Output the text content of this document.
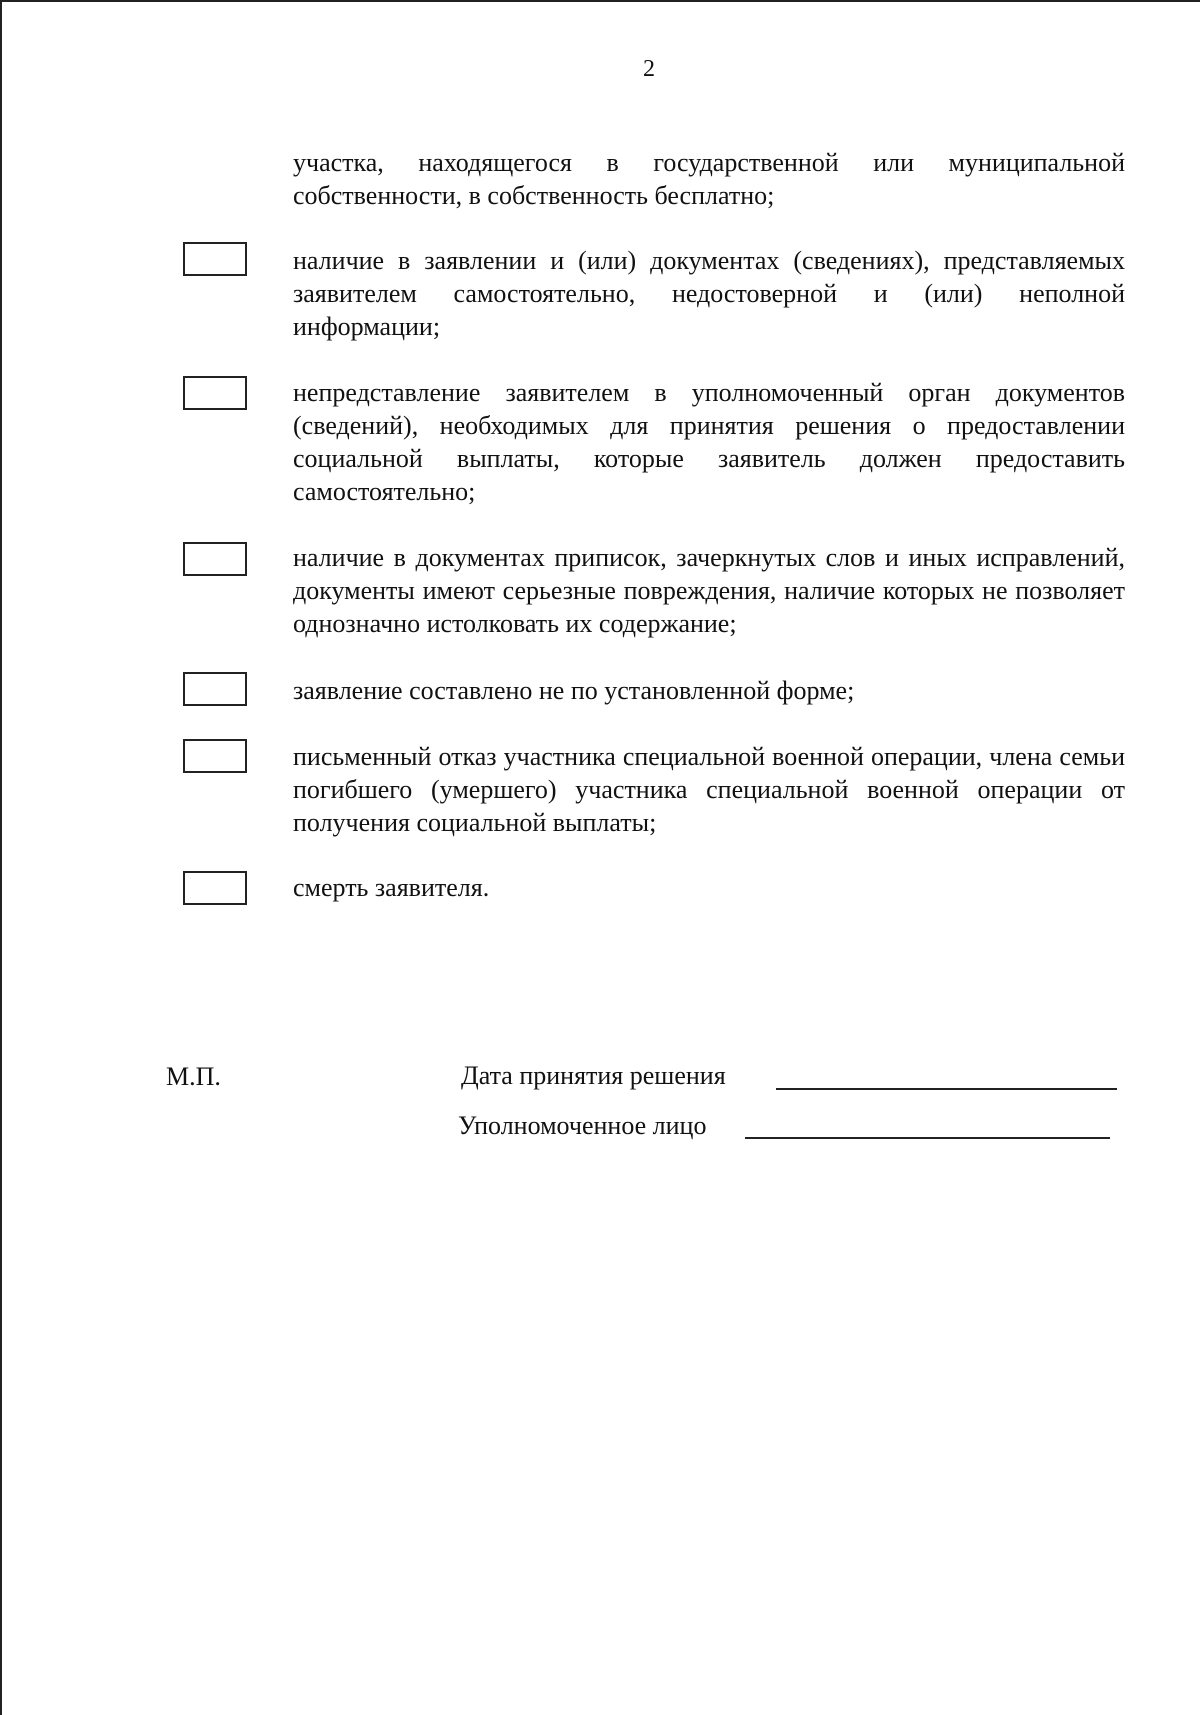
2
участка, находящегося в государственной или муниципальной собственности, в собственность бесплатно;
наличие в заявлении и (или) документах (сведениях), представляемых заявителем самостоятельно, недостоверной и (или) неполной информации;
непредставление заявителем в уполномоченный орган документов (сведений), необходимых для принятия решения о предоставлении социальной выплаты, которые заявитель должен предоставить самостоятельно;
наличие в документах приписок, зачеркнутых слов и иных исправлений, документы имеют серьезные повреждения, наличие которых не позволяет однозначно истолковать их содержание;
заявление составлено не по установленной форме;
письменный отказ участника специальной военной операции, члена семьи погибшего (умершего) участника специальной военной операции от получения социальной выплаты;
смерть заявителя.
М.П.	Дата принятия решения
Уполномоченное лицо
